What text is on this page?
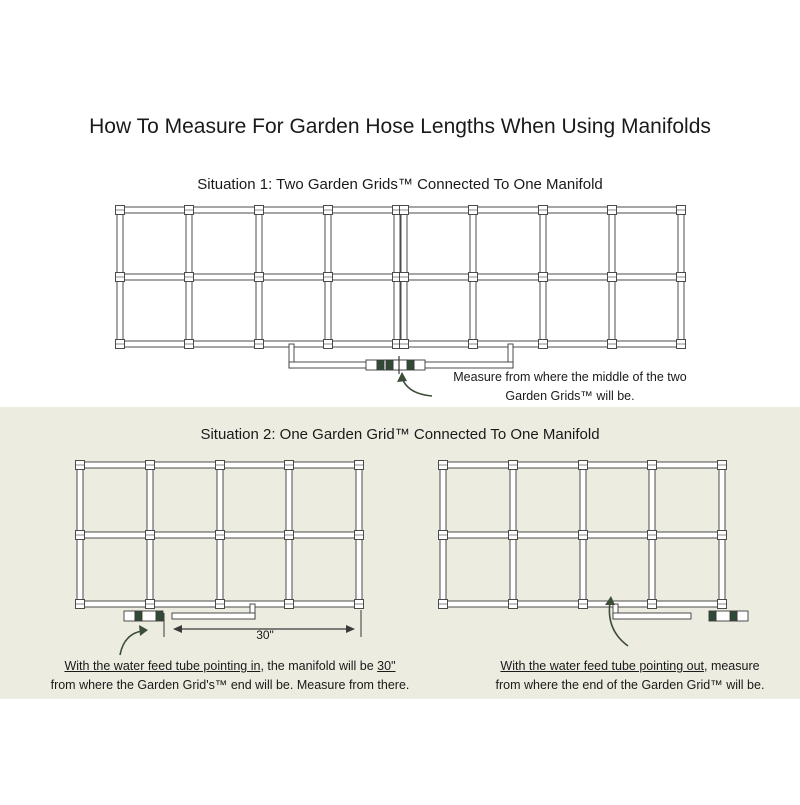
How To Measure For Garden Hose Lengths When Using Manifolds
Situation 1: Two Garden Grids™ Connected To One Manifold
Situation 2: One Garden Grid™ Connected To One Manifold
Measure from where the middle of the two
Garden Grids™ will be.
With the water feed tube pointing in, the manifold will be 30"
from where the Garden Grid's™ end will be. Measure from there.
With the water feed tube pointing out, measure
from where the end of the Garden Grid™ will be.
30"
